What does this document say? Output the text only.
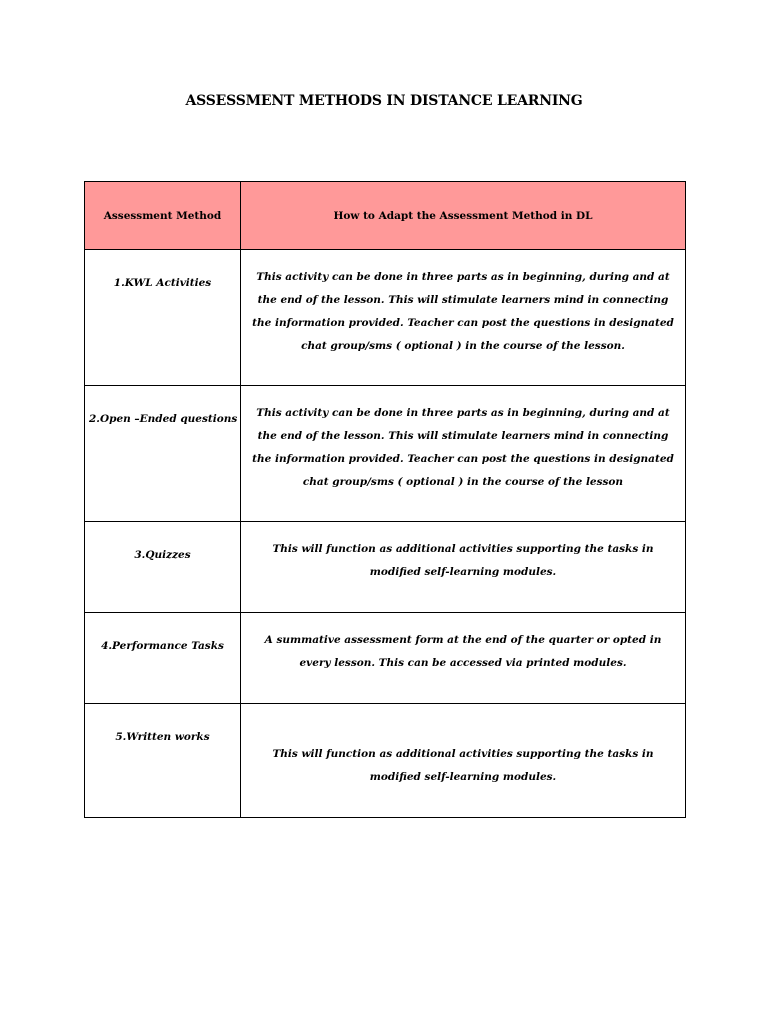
ASSESSMENT METHODS IN DISTANCE LEARNING
Assessment Method	How to Adapt the Assessment Method in DL

1.KWL Activities	This activity can be done in three parts as in beginning, during and at the end of the lesson. This will stimulate learners mind in connecting the information provided. Teacher can post the questions in designated chat group/sms ( optional ) in the course of the lesson.

2.Open –Ended questions	This activity can be done in three parts as in beginning, during and at the end of the lesson. This will stimulate learners mind in connecting the information provided. Teacher can post the questions in designated chat group/sms ( optional ) in the course of the lesson

3.Quizzes	This will function as additional activities supporting the tasks in modified self-learning modules.

4.Performance Tasks	A summative assessment form at the end of the quarter or opted in every lesson. This can be accessed via printed modules.

5.Written works	This will function as additional activities supporting the tasks in modified self-learning modules.
